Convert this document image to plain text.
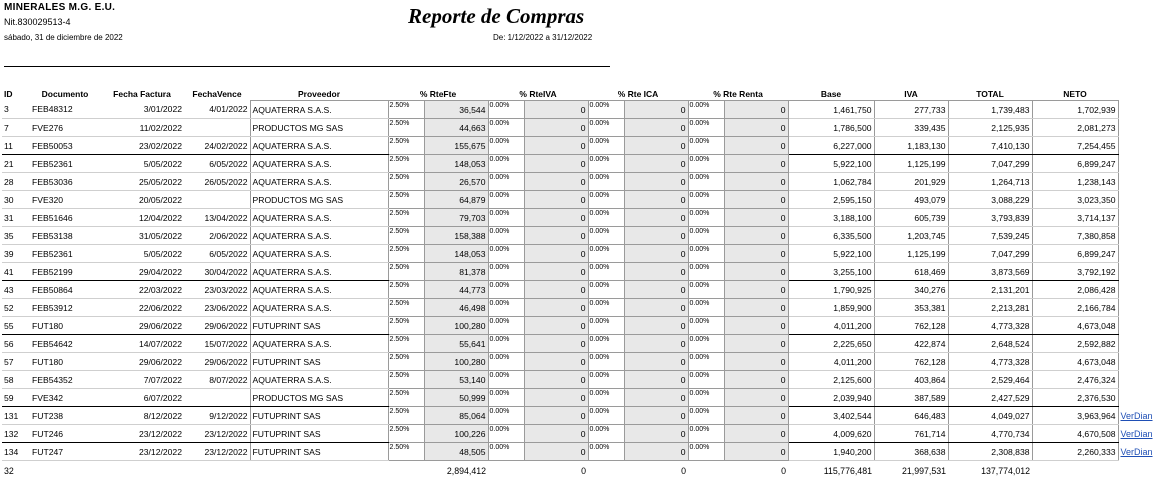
MINERALES M.G. E.U.
Nit.830029513-4
sábado, 31 de diciembre de 2022
Reporte de Compras
De: 1/12/2022 a 31/12/2022
ID	Documento	Fecha Factura	FechaVence	Proveedor	% RteFte		% RteIVA		% Rte ICA		% Rte Renta		Base	IVA	TOTAL	NETO	
3	FEB48312	3/01/2022	4/01/2022	AQUATERRA S.A.S.	2.50%	36,544	0.00%	0	0.00%	0	0.00%	0	1,461,750	277,733	1,739,483	1,702,939	
7	FVE276	11/02/2022		PRODUCTOS MG SAS	2.50%	44,663	0.00%	0	0.00%	0	0.00%	0	1,786,500	339,435	2,125,935	2,081,273	
11	FEB50053	23/02/2022	24/02/2022	AQUATERRA S.A.S.	2.50%	155,675	0.00%	0	0.00%	0	0.00%	0	6,227,000	1,183,130	7,410,130	7,254,455	
21	FEB52361	5/05/2022	6/05/2022	AQUATERRA S.A.S.	2.50%	148,053	0.00%	0	0.00%	0	0.00%	0	5,922,100	1,125,199	7,047,299	6,899,247	
28	FEB53036	25/05/2022	26/05/2022	AQUATERRA S.A.S.	2.50%	26,570	0.00%	0	0.00%	0	0.00%	0	1,062,784	201,929	1,264,713	1,238,143	
30	FVE320	20/05/2022		PRODUCTOS MG SAS	2.50%	64,879	0.00%	0	0.00%	0	0.00%	0	2,595,150	493,079	3,088,229	3,023,350	
31	FEB51646	12/04/2022	13/04/2022	AQUATERRA S.A.S.	2.50%	79,703	0.00%	0	0.00%	0	0.00%	0	3,188,100	605,739	3,793,839	3,714,137	
35	FEB53138	31/05/2022	2/06/2022	AQUATERRA S.A.S.	2.50%	158,388	0.00%	0	0.00%	0	0.00%	0	6,335,500	1,203,745	7,539,245	7,380,858	
39	FEB52361	5/05/2022	6/05/2022	AQUATERRA S.A.S.	2.50%	148,053	0.00%	0	0.00%	0	0.00%	0	5,922,100	1,125,199	7,047,299	6,899,247	
41	FEB52199	29/04/2022	30/04/2022	AQUATERRA S.A.S.	2.50%	81,378	0.00%	0	0.00%	0	0.00%	0	3,255,100	618,469	3,873,569	3,792,192	
43	FEB50864	22/03/2022	23/03/2022	AQUATERRA S.A.S.	2.50%	44,773	0.00%	0	0.00%	0	0.00%	0	1,790,925	340,276	2,131,201	2,086,428	
52	FEB53912	22/06/2022	23/06/2022	AQUATERRA S.A.S.	2.50%	46,498	0.00%	0	0.00%	0	0.00%	0	1,859,900	353,381	2,213,281	2,166,784	
55	FUT180	29/06/2022	29/06/2022	FUTUPRINT SAS	2.50%	100,280	0.00%	0	0.00%	0	0.00%	0	4,011,200	762,128	4,773,328	4,673,048	
56	FEB54642	14/07/2022	15/07/2022	AQUATERRA S.A.S.	2.50%	55,641	0.00%	0	0.00%	0	0.00%	0	2,225,650	422,874	2,648,524	2,592,882	
57	FUT180	29/06/2022	29/06/2022	FUTUPRINT SAS	2.50%	100,280	0.00%	0	0.00%	0	0.00%	0	4,011,200	762,128	4,773,328	4,673,048	
58	FEB54352	7/07/2022	8/07/2022	AQUATERRA S.A.S.	2.50%	53,140	0.00%	0	0.00%	0	0.00%	0	2,125,600	403,864	2,529,464	2,476,324	
59	FVE342	6/07/2022		PRODUCTOS MG SAS	2.50%	50,999	0.00%	0	0.00%	0	0.00%	0	2,039,940	387,589	2,427,529	2,376,530	
131	FUT238	8/12/2022	9/12/2022	FUTUPRINT SAS	2.50%	85,064	0.00%	0	0.00%	0	0.00%	0	3,402,544	646,483	4,049,027	3,963,964	VerDian
132	FUT246	23/12/2022	23/12/2022	FUTUPRINT SAS	2.50%	100,226	0.00%	0	0.00%	0	0.00%	0	4,009,620	761,714	4,770,734	4,670,508	VerDian
134	FUT247	23/12/2022	23/12/2022	FUTUPRINT SAS	2.50%	48,505	0.00%	0	0.00%	0	0.00%	0	1,940,200	368,638	2,308,838	2,260,333	VerDian
32						2,894,412		0		0		0	115,776,481	21,997,531	137,774,012		
